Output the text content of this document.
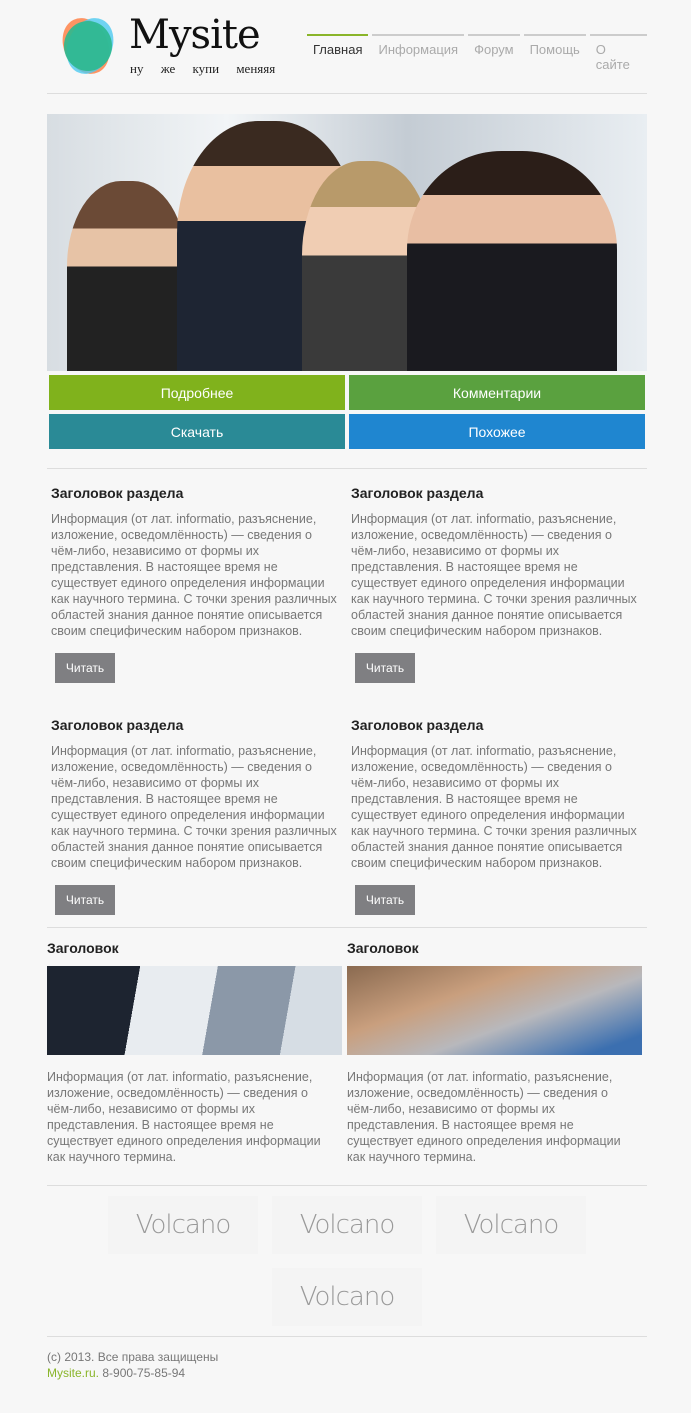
Mysite
ну же купи меняяя
Главная	Информация	Форум	Помощь	О сайте
Подробнее	Комментарии
Скачать	Похожее
Заголовок раздела

Информация (от лат. informatio, разъяснение, изложение, осведомлённость) — сведения о чём-либо, независимо от формы их представления. В настоящее время не существует единого определения информации как научного термина. С точки зрения различных областей знания данное понятие описывается своим специфическим набором признаков.

Читать
Заголовок раздела

Информация (от лат. informatio, разъяснение, изложение, осведомлённость) — сведения о чём-либо, независимо от формы их представления. В настоящее время не существует единого определения информации как научного термина. С точки зрения различных областей знания данное понятие описывается своим специфическим набором признаков.

Читать
Заголовок раздела

Информация (от лат. informatio, разъяснение, изложение, осведомлённость) — сведения о чём-либо, независимо от формы их представления. В настоящее время не существует единого определения информации как научного термина. С точки зрения различных областей знания данное понятие описывается своим специфическим набором признаков.

Читать
Заголовок раздела

Информация (от лат. informatio, разъяснение, изложение, осведомлённость) — сведения о чём-либо, независимо от формы их представления. В настоящее время не существует единого определения информации как научного термина. С точки зрения различных областей знания данное понятие описывается своим специфическим набором признаков.

Читать
Заголовок

Информация (от лат. informatio, разъяснение, изложение, осведомлённость) — сведения о чём-либо, независимо от формы их представления. В настоящее время не существует единого определения информации как научного термина.

Заголовок

Информация (от лат. informatio, разъяснение, изложение, осведомлённость) — сведения о чём-либо, независимо от формы их представления. В настоящее время не существует единого определения информации как научного термина.

Volcano	Volcano	Volcano
Volcano
(c) 2013. Все права защищены
Mysite.ru. 8-900-75-85-94
